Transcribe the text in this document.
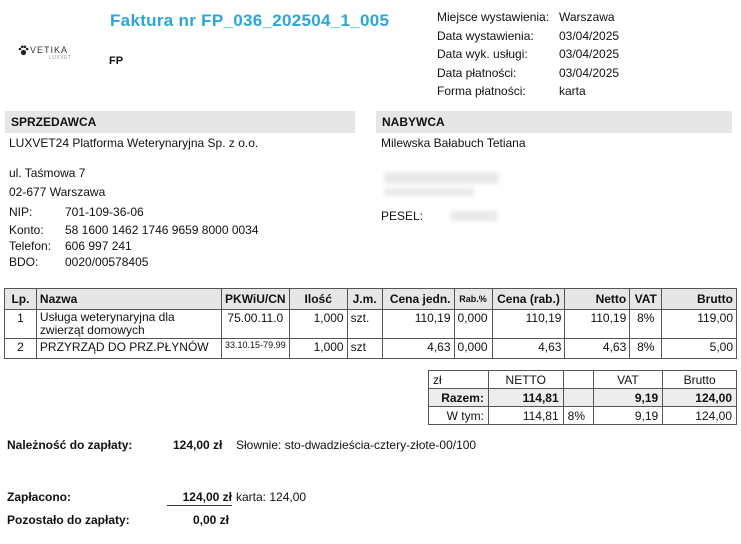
Faktura nr FP_036_202504_1_005
VETIKA
LUXVET	FP
Miejsce wystawienia: Warszawa
Data wystawienia:	03/04/2025
Data wyk. usługi:	03/04/2025
Data płatności:	03/04/2025
Forma płatności:	karta
SPRZEDAWCA
LUXVET24 Platforma Weterynaryjna Sp. z o.o.
ul. Taśmowa 7
02-677 Warszawa
NIP:	701-109-36-06
Konto:	58 1600 1462 1746 9659 8000 0034
Telefon:	606 997 241
BDO:	0020/00578405
NABYWCA
Milewska Bałabuch Tetiana
PESEL:
Lp.	Nazwa	PKWiU/CN	Ilość	J.m.	Cena jedn.	Rab.%	Cena (rab.)	Netto	VAT	Brutto
1	Usługa weterynaryjna dla zwierząt domowych	75.00.11.0	1,000	szt.	110,19	0,000	110,19	110,19	8%	119,00
2	PRZYRZĄD DO PRZ.PŁYNÓW	33.10.15-79.99	1,000	szt	4,63	0,000	4,63	4,63	8%	5,00
zł	NETTO		VAT	Brutto
Razem:	114,81		9,19	124,00
W tym:	114,81	8%	9,19	124,00
Należność do zapłaty:	124,00 zł Słownie: sto-dwadzieścia-cztery-złote-00/100
Zapłacono:	124,00 zł karta: 124,00
Pozostało do zapłaty:	0,00 zł
